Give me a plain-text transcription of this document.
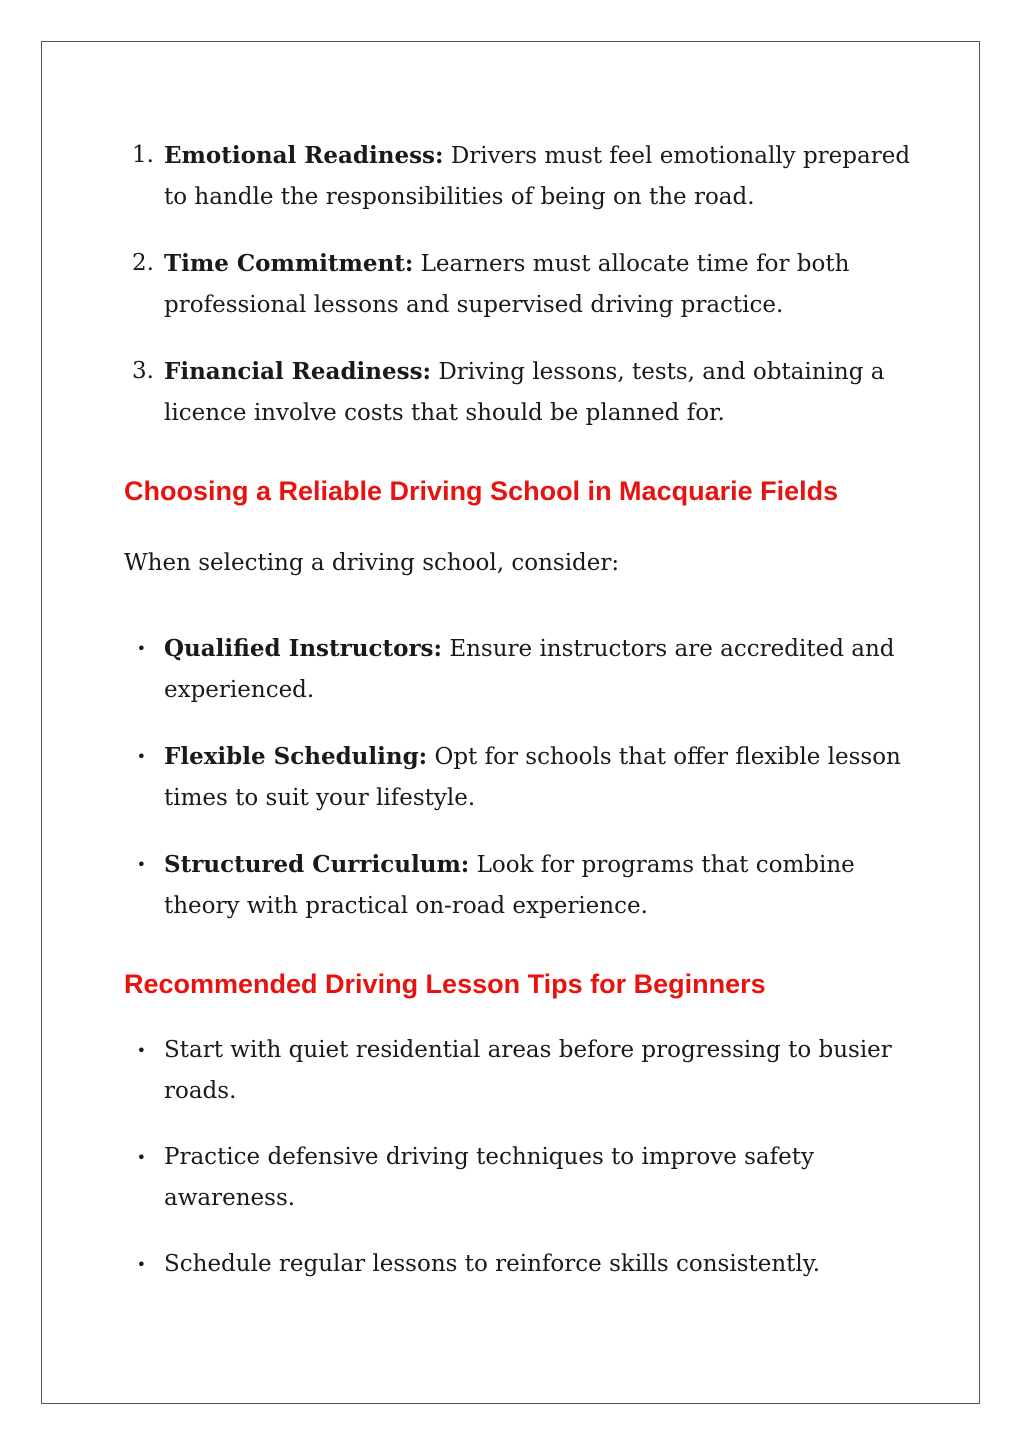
1. Emotional Readiness: Drivers must feel emotionally prepared to handle the responsibilities of being on the road.
2. Time Commitment: Learners must allocate time for both professional lessons and supervised driving practice.
3. Financial Readiness: Driving lessons, tests, and obtaining a licence involve costs that should be planned for.
Choosing a Reliable Driving School in Macquarie Fields
When selecting a driving school, consider:
• Qualified Instructors: Ensure instructors are accredited and experienced.
• Flexible Scheduling: Opt for schools that offer flexible lesson times to suit your lifestyle.
• Structured Curriculum: Look for programs that combine theory with practical on-road experience.
Recommended Driving Lesson Tips for Beginners
• Start with quiet residential areas before progressing to busier roads.
• Practice defensive driving techniques to improve safety awareness.
• Schedule regular lessons to reinforce skills consistently.
